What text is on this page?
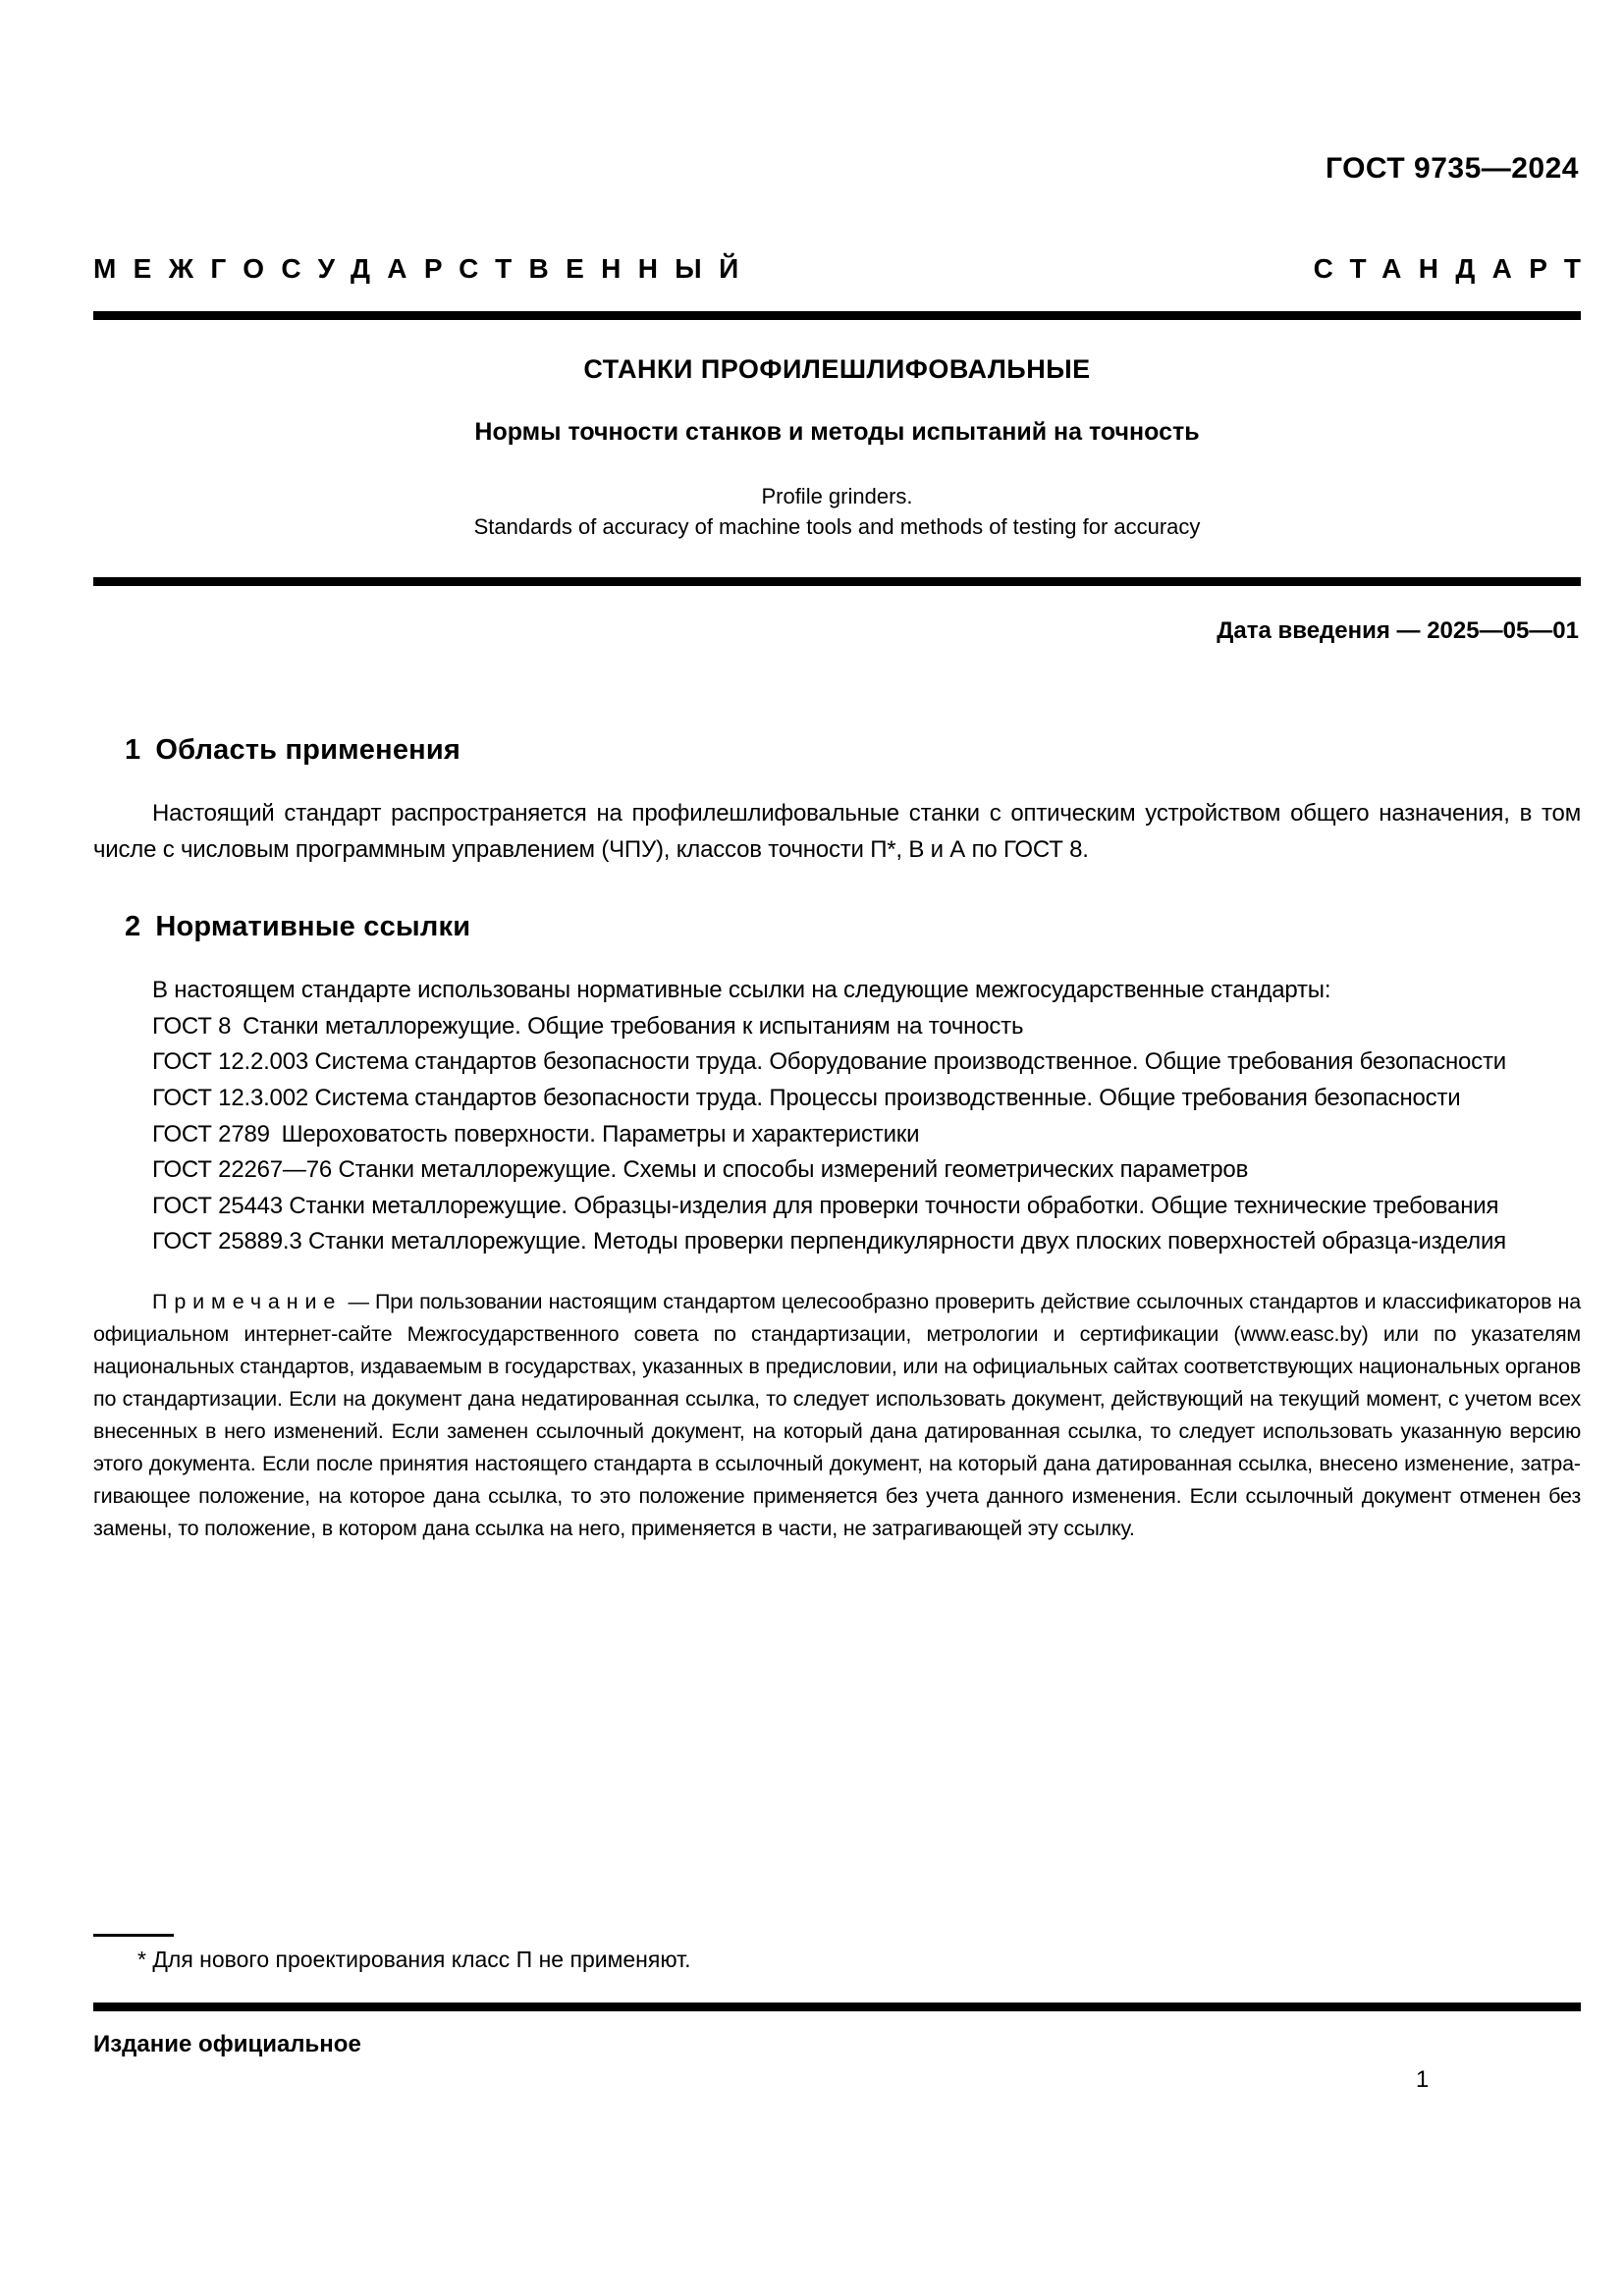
ГОСТ 9735—2024
МЕЖГОСУДАРСТВЕННЫЙ	СТАНДАРТ
СТАНКИ ПРОФИЛЕШЛИФОВАЛЬНЫЕ
Нормы точности станков и методы испытаний на точность
Profile grinders.
Standards of accuracy of machine tools and methods of testing for accuracy
Дата введения — 2025—05—01
1 Область применения

Настоящий стандарт распространяется на профилешлифовальные станки с оптическим устройством общего назначения, в том числе с числовым программным управлением (ЧПУ), классов точности П*, В и А по ГОСТ 8.

2 Нормативные ссылки

В настоящем стандарте использованы нормативные ссылки на следующие межгосударственные стандарты:

ГОСТ 8 Станки металлорежущие. Общие требования к испытаниям на точность

ГОСТ 12.2.003 Система стандартов безопасности труда. Оборудование производственное. Общие требования безопасности

ГОСТ 12.3.002 Система стандартов безопасности труда. Процессы производственные. Общие требования безопасности

ГОСТ 2789 Шероховатость поверхности. Параметры и характеристики

ГОСТ 22267—76 Станки металлорежущие. Схемы и способы измерений геометрических параметров

ГОСТ 25443 Станки металлорежущие. Образцы-изделия для проверки точности обработки. Общие технические требования

ГОСТ 25889.3 Станки металлорежущие. Методы проверки перпендикулярности двух плоских поверхностей образца-изделия

Примечание — При пользовании настоящим стандартом целесообразно проверить действие ссылочных стандартов и классификаторов на официальном интернет-сайте Межгосударственного совета по стандартизации, метрологии и сертификации (www.easc.by) или по указателям национальных стандартов, издаваемым в государствах, указанных в предисловии, или на официальных сайтах соответствующих национальных органов по стандартизации. Если на документ дана недатированная ссылка, то следует использовать документ, действующий на текущий момент, с учетом всех внесенных в него изменений. Если заменен ссылочный документ, на который дана датированная ссылка, то следует использовать указанную версию этого документа. Если после принятия настоящего стандарта в ссылочный документ, на который дана датированная ссылка, внесено изменение, затрагивающее положение, на которое дана ссылка, то это положение применяется без учета данного изменения. Если ссылочный документ отменен без замены, то положение, в котором дана ссылка на него, применяется в части, не затрагивающей эту ссылку.

* Для нового проектирования класс П не применяют.

Издание официальное
1
